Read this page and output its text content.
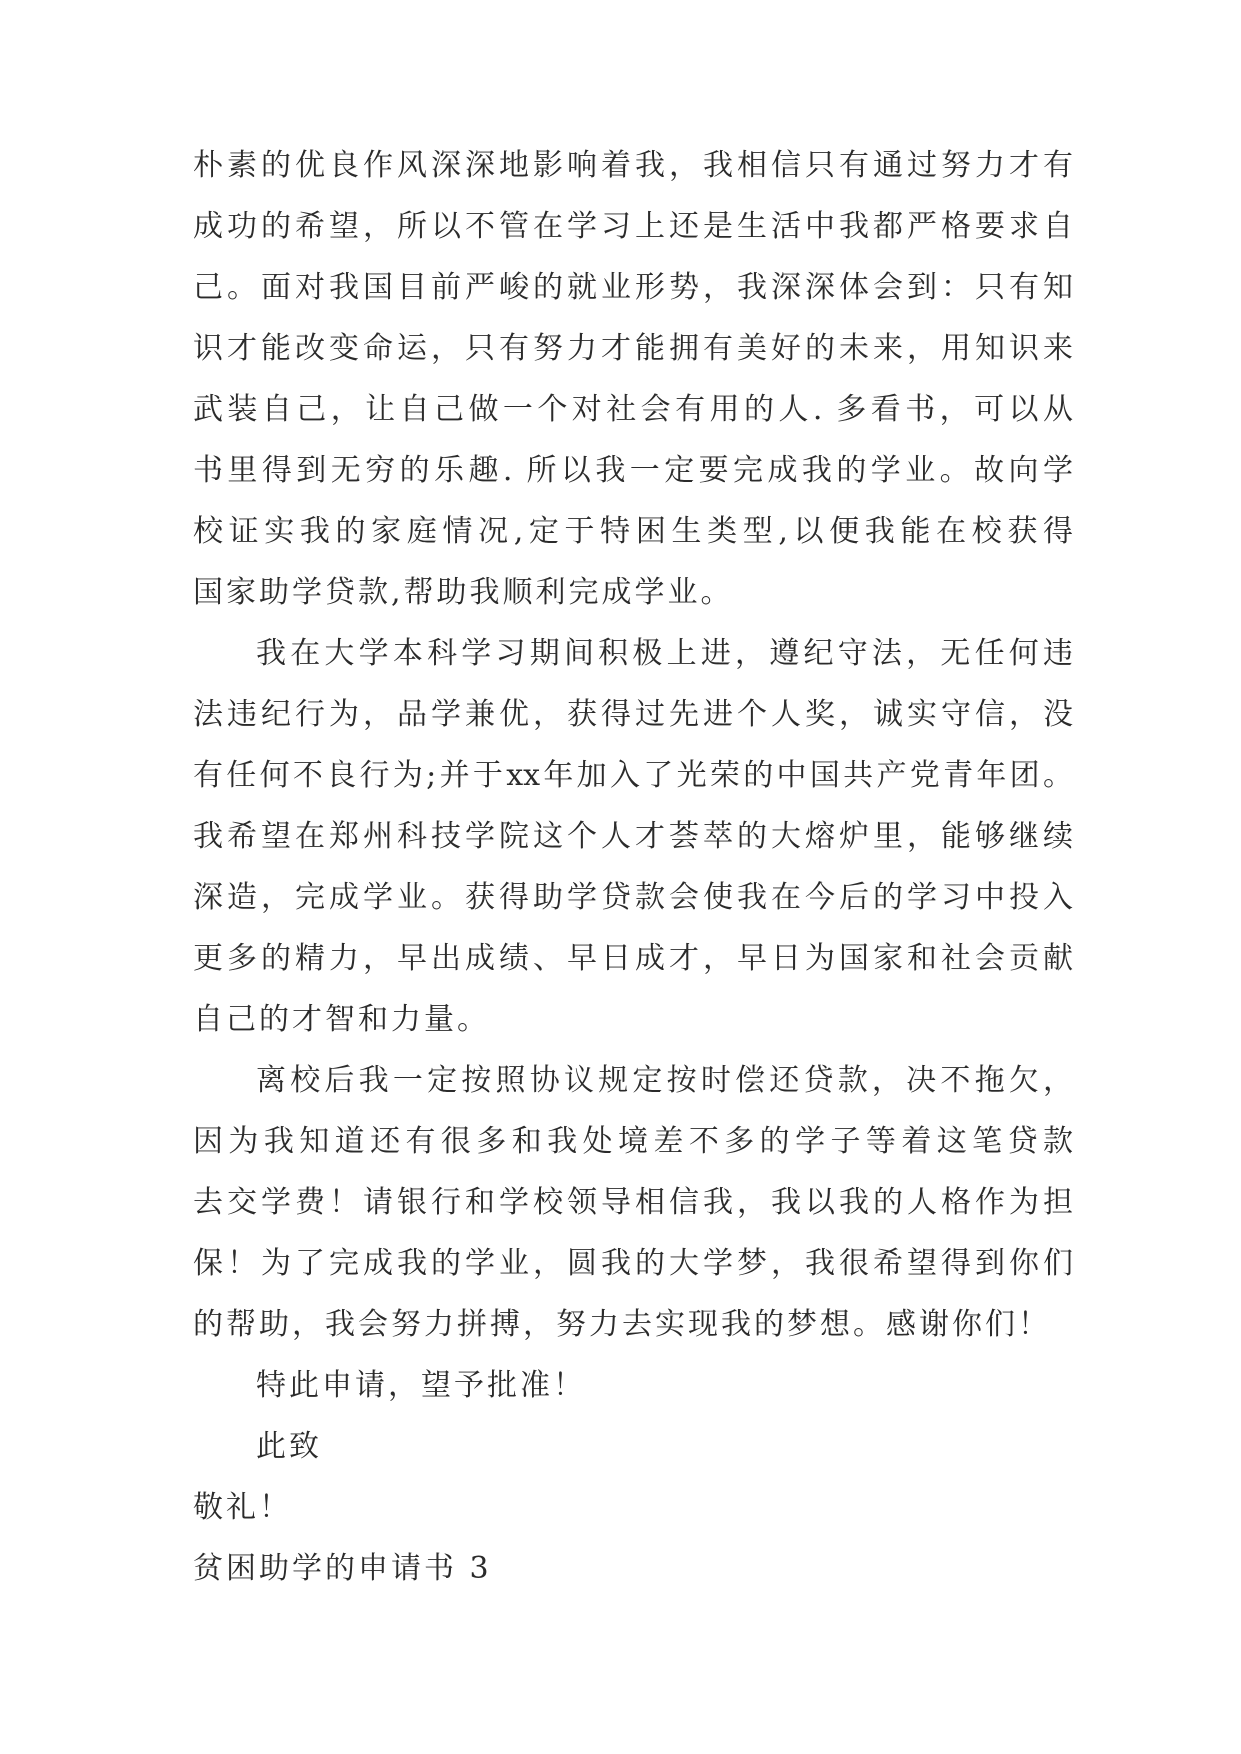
朴素的优良作风深深地影响着我，我相信只有通过努力才有
成功的希望，所以不管在学习上还是生活中我都严格要求自
己。面对我国目前严峻的就业形势，我深深体会到：只有知
识才能改变命运，只有努力才能拥有美好的未来，用知识来
武装自己，让自己做一个对社会有用的人. 多看书，可以从
书里得到无穷的乐趣. 所以我一定要完成我的学业。故向学
校证实我的家庭情况,定于特困生类型,以便我能在校获得
国家助学贷款,帮助我顺利完成学业。
我在大学本科学习期间积极上进，遵纪守法，无任何违
法违纪行为，品学兼优，获得过先进个人奖，诚实守信，没
有任何不良行为;并于xx年加入了光荣的中国共产党青年团。
我希望在郑州科技学院这个人才荟萃的大熔炉里，能够继续
深造，完成学业。获得助学贷款会使我在今后的学习中投入
更多的精力，早出成绩、早日成才，早日为国家和社会贡献
自己的才智和力量。
离校后我一定按照协议规定按时偿还贷款，决不拖欠，
因为我知道还有很多和我处境差不多的学子等着这笔贷款
去交学费！请银行和学校领导相信我，我以我的人格作为担
保！为了完成我的学业，圆我的大学梦，我很希望得到你们
的帮助，我会努力拼搏，努力去实现我的梦想。感谢你们！
特此申请，望予批准！
此致
敬礼！
贫困助学的申请书 3
